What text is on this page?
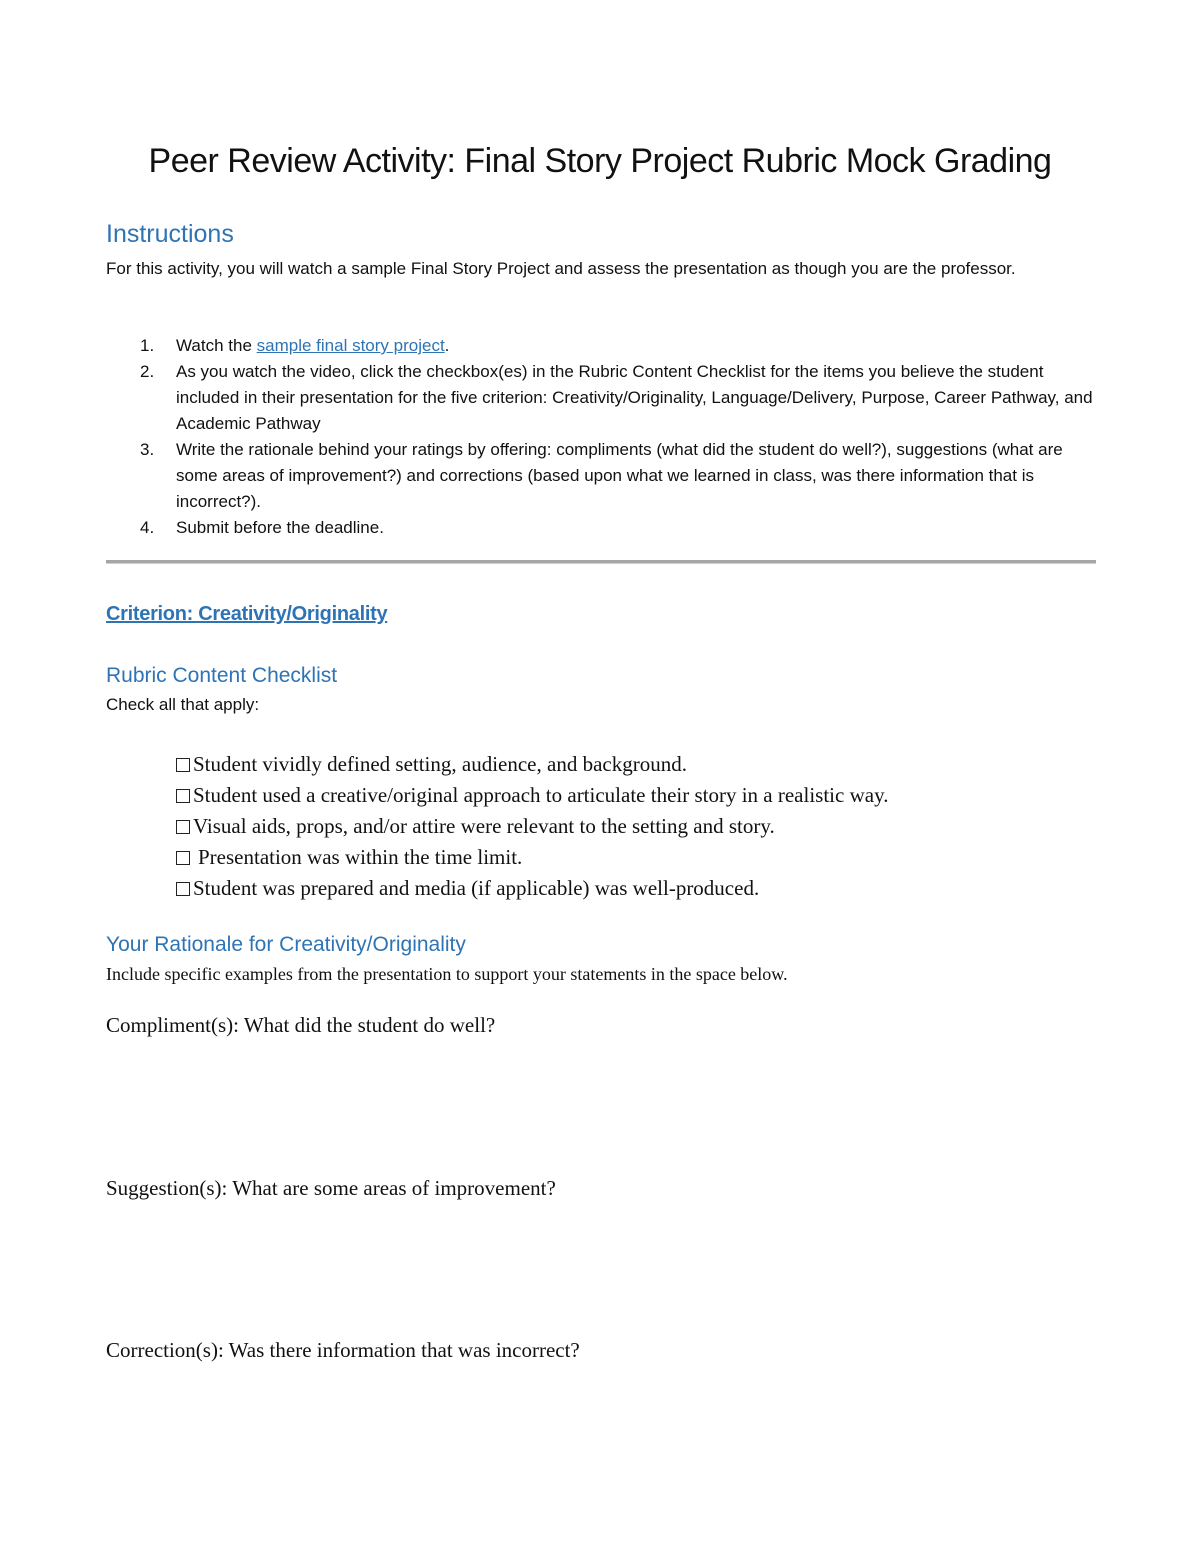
Peer Review Activity: Final Story Project Rubric Mock Grading
Instructions
For this activity, you will watch a sample Final Story Project and assess the presentation as though you are the professor.
1. Watch the sample final story project.
2. As you watch the video, click the checkbox(es) in the Rubric Content Checklist for the items you believe the student included in their presentation for the five criterion: Creativity/Originality, Language/Delivery, Purpose, Career Pathway, and Academic Pathway
3. Write the rationale behind your ratings by offering: compliments (what did the student do well?), suggestions (what are some areas of improvement?) and corrections (based upon what we learned in class, was there information that is incorrect?).
4. Submit before the deadline.
Criterion: Creativity/Originality
Rubric Content Checklist
Check all that apply:
Student vividly defined setting, audience, and background.
Student used a creative/original approach to articulate their story in a realistic way.
Visual aids, props, and/or attire were relevant to the setting and story.
Presentation was within the time limit.
Student was prepared and media (if applicable) was well-produced.
Your Rationale for Creativity/Originality
Include specific examples from the presentation to support your statements in the space below.
Compliment(s): What did the student do well?
Suggestion(s): What are some areas of improvement?
Correction(s): Was there information that was incorrect?
